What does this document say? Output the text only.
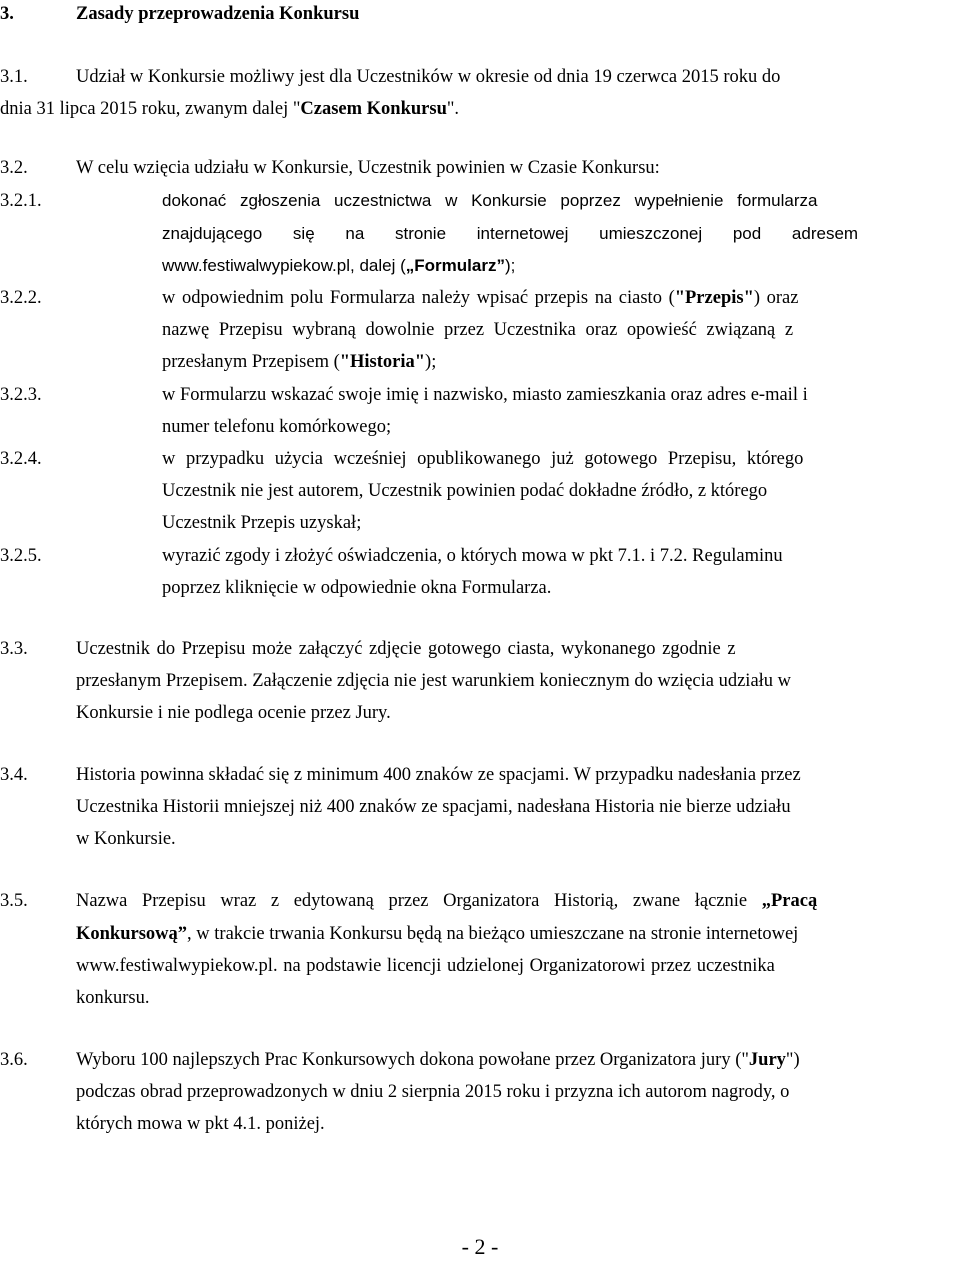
3.	Zasady przeprowadzenia Konkursu
3.1.	Udział w Konkursie możliwy jest dla Uczestników w okresie od dnia 19 czerwca 2015 roku do
dnia 31 lipca 2015 roku, zwanym dalej "Czasem Konkursu".
3.2.	W celu wzięcia udziału w Konkursie, Uczestnik powinien w Czasie Konkursu:
3.2.1.	dokonać zgłoszenia uczestnictwa w Konkursie poprzez wypełnienie formularza
znajdującego się na stronie internetowej umieszczonej pod adresem
www.festiwalwypiekow.pl, dalej („Formularz”);
3.2.2.	w odpowiednim polu Formularza należy wpisać przepis na ciasto ("Przepis") oraz
nazwę Przepisu wybraną dowolnie przez Uczestnika oraz opowieść związaną z
przesłanym Przepisem ("Historia");
3.2.3.	w Formularzu wskazać swoje imię i nazwisko, miasto zamieszkania oraz adres e-mail i
numer telefonu komórkowego;
3.2.4.	w przypadku użycia wcześniej opublikowanego już gotowego Przepisu, którego
Uczestnik nie jest autorem, Uczestnik powinien podać dokładne źródło, z którego
Uczestnik Przepis uzyskał;
3.2.5.	wyrazić zgody i złożyć oświadczenia, o których mowa w pkt 7.1. i 7.2. Regulaminu
poprzez kliknięcie w odpowiednie okna Formularza.
3.3.	Uczestnik do Przepisu może załączyć zdjęcie gotowego ciasta, wykonanego zgodnie z
przesłanym Przepisem. Załączenie zdjęcia nie jest warunkiem koniecznym do wzięcia udziału w
Konkursie i nie podlega ocenie przez Jury.
3.4.	Historia powinna składać się z minimum 400 znaków ze spacjami. W przypadku nadesłania przez
Uczestnika Historii mniejszej niż 400 znaków ze spacjami, nadesłana Historia nie bierze udziału
w Konkursie.
3.5.	Nazwa Przepisu wraz z edytowaną przez Organizatora Historią, zwane łącznie „Pracą
Konkursową”, w trakcie trwania Konkursu będą na bieżąco umieszczane na stronie internetowej
www.festiwalwypiekow.pl. na podstawie licencji udzielonej Organizatorowi przez uczestnika
konkursu.
3.6.	Wyboru 100 najlepszych Prac Konkursowych dokona powołane przez Organizatora jury ("Jury")
podczas obrad przeprowadzonych w dniu 2 sierpnia 2015 roku i przyzna ich autorom nagrody, o
których mowa w pkt 4.1. poniżej.
- 2 -
